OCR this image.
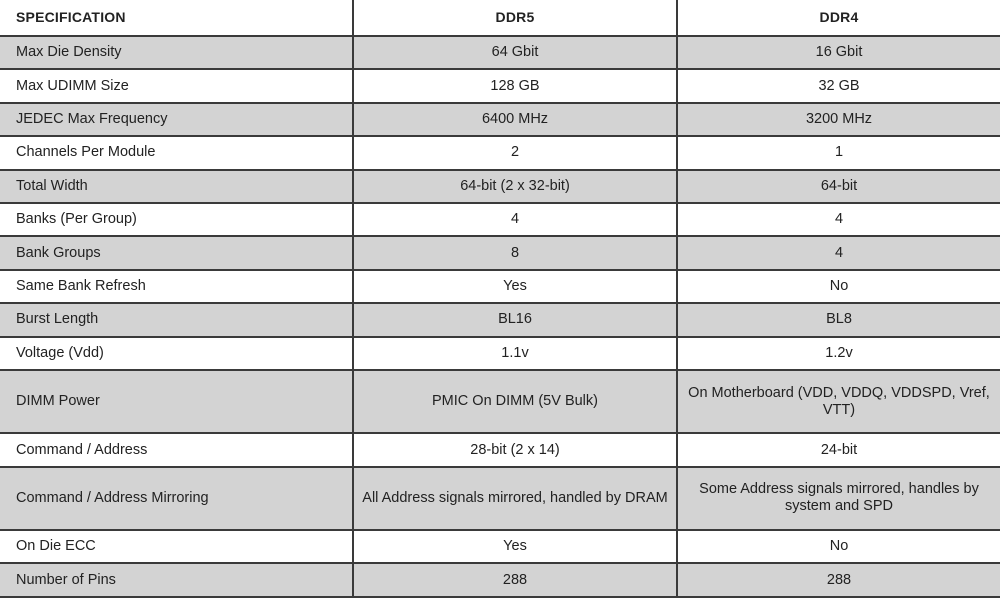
SPECIFICATION	DDR5	DDR4
Max Die Density	64 Gbit	16 Gbit
Max UDIMM Size	128 GB	32 GB
JEDEC Max Frequency	6400 MHz	3200 MHz
Channels Per Module	2	1
Total Width	64-bit (2 x 32-bit)	64-bit
Banks (Per Group)	4	4
Bank Groups	8	4
Same Bank Refresh	Yes	No
Burst Length	BL16	BL8
Voltage (Vdd)	1.1v	1.2v
DIMM Power	PMIC On DIMM (5V Bulk)	On Motherboard (VDD, VDDQ, VDDSPD, Vref, VTT)
Command / Address	28-bit (2 x 14)	24-bit
Command / Address Mirroring	All Address signals mirrored, handled by DRAM	Some Address signals mirrored, handles by system and SPD
On Die ECC	Yes	No
Number of Pins	288	288
